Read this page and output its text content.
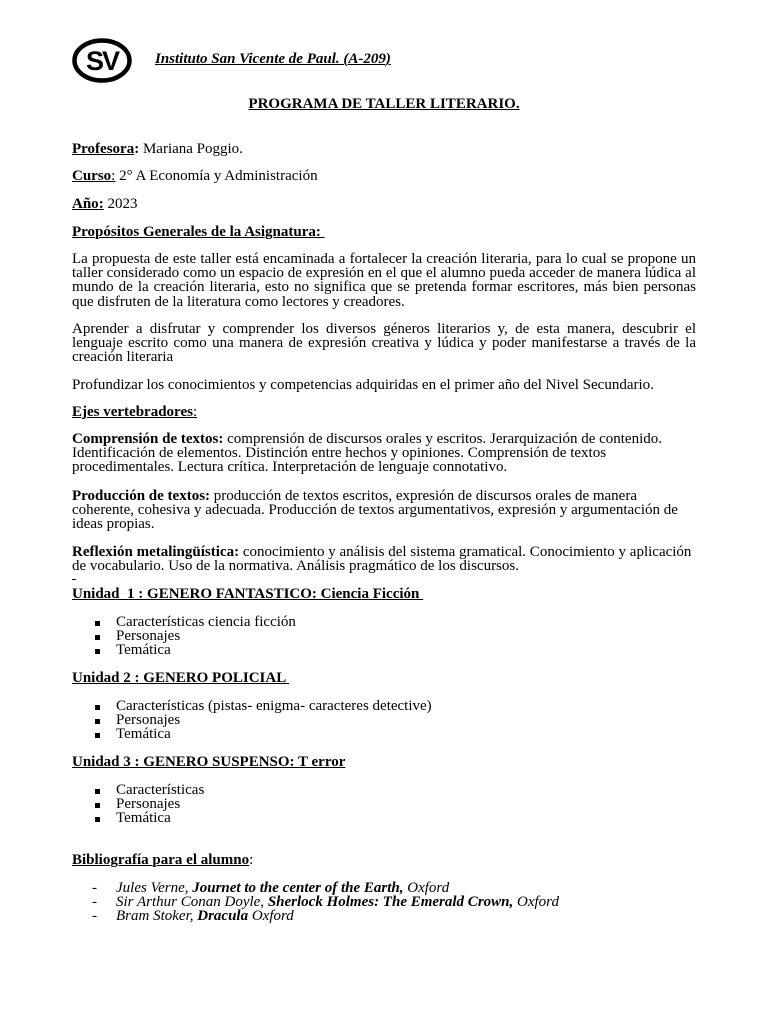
SV Instituto San Vicente de Paul. (A-209)
PROGRAMA DE TALLER LITERARIO.
Profesora: Mariana Poggio.
Curso: 2° A Economía y Administración
Año: 2023
Propósitos Generales de la Asignatura:
La propuesta de este taller está encaminada a fortalecer la creación literaria, para lo cual se propone un
taller considerado como un espacio de expresión en el que el alumno pueda acceder de manera lúdica al
mundo de la creación literaria, esto no significa que se pretenda formar escritores, más bien personas
que disfruten de la literatura como lectores y creadores.
Aprender a disfrutar y comprender los diversos géneros literarios y, de esta manera, descubrir el
lenguaje escrito como una manera de expresión creativa y lúdica y poder manifestarse a través de la
creación literaria
Profundizar los conocimientos y competencias adquiridas en el primer año del Nivel Secundario.
Ejes vertebradores:
Comprensión de textos: comprensión de discursos orales y escritos. Jerarquización de contenido.
Identificación de elementos. Distinción entre hechos y opiniones. Comprensión de textos
procedimentales. Lectura crítica. Interpretación de lenguaje connotativo.
Producción de textos: producción de textos escritos, expresión de discursos orales de manera
coherente, cohesiva y adecuada. Producción de textos argumentativos, expresión y argumentación de
ideas propias.
Reflexión metalingüística: conocimiento y análisis del sistema gramatical. Conocimiento y aplicación
de vocabulario. Uso de la normativa. Análisis pragmático de los discursos.
Unidad  1 : GENERO FANTASTICO: Ciencia Ficción
Características ciencia ficción
Personajes
Temática
Unidad 2 : GENERO POLICIAL
Características (pistas- enigma- caracteres detective)
Personajes
Temática
Unidad 3 : GENERO SUSPENSO: T error
Características
Personajes
Temática
Bibliografía para el alumno:
- Jules Verne, Journet to the center of the Earth, Oxford
- Sir Arthur Conan Doyle, Sherlock Holmes: The Emerald Crown, Oxford
- Bram Stoker, Dracula Oxford
